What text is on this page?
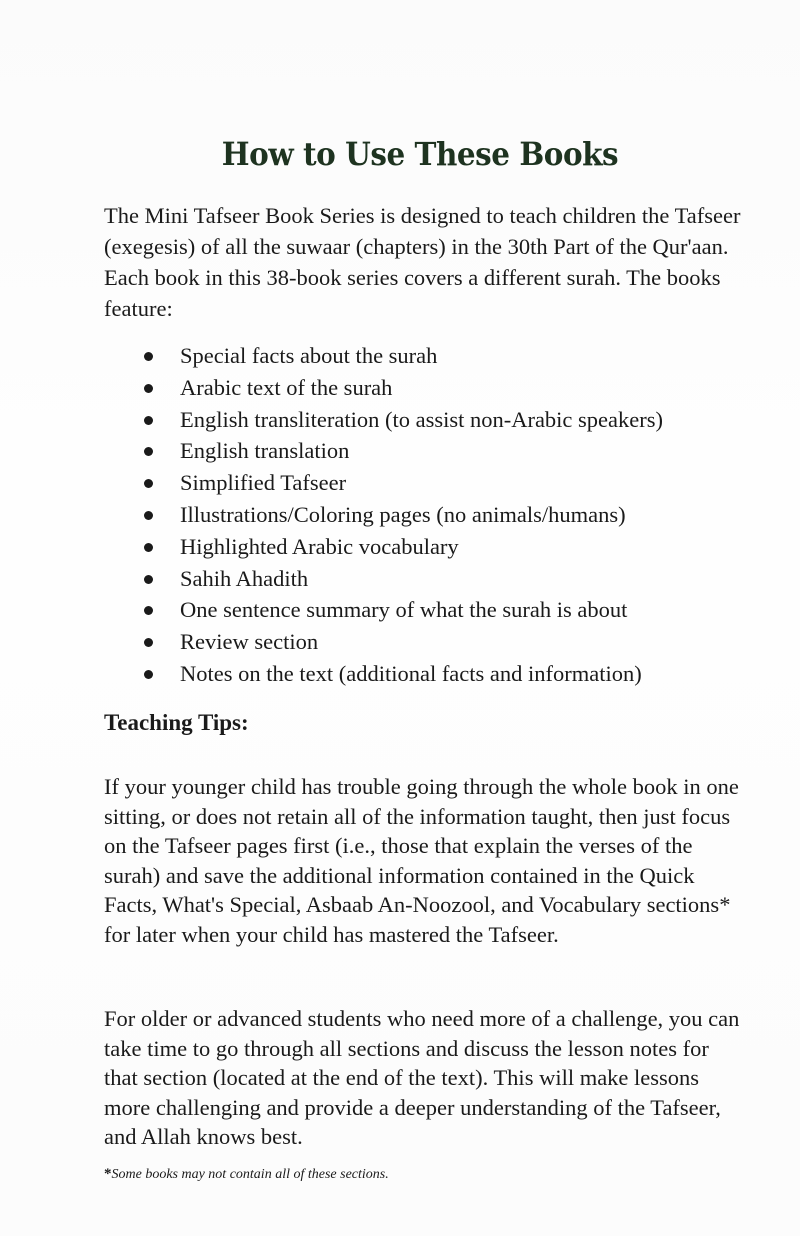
How to Use These Books

The Mini Tafseer Book Series is designed to teach children the Tafseer (exegesis) of all the suwaar (chapters) in the 30th Part of the Qur'aan. Each book in this 38-book series covers a different surah. The books feature:

Special facts about the surah
Arabic text of the surah
English transliteration (to assist non-Arabic speakers)
English translation
Simplified Tafseer
Illustrations/Coloring pages (no animals/humans)
Highlighted Arabic vocabulary
Sahih Ahadith
One sentence summary of what the surah is about
Review section
Notes on the text (additional facts and information)
Teaching Tips:

If your younger child has trouble going through the whole book in one sitting, or does not retain all of the information taught, then just focus on the Tafseer pages first (i.e., those that explain the verses of the surah) and save the additional information contained in the Quick Facts, What's Special, Asbaab An-Noozool, and Vocabulary sections* for later when your child has mastered the Tafseer.

For older or advanced students who need more of a challenge, you can take time to go through all sections and discuss the lesson notes for that section (located at the end of the text). This will make lessons more challenging and provide a deeper understanding of the Tafseer, and Allah knows best.

*Some books may not contain all of these sections.
